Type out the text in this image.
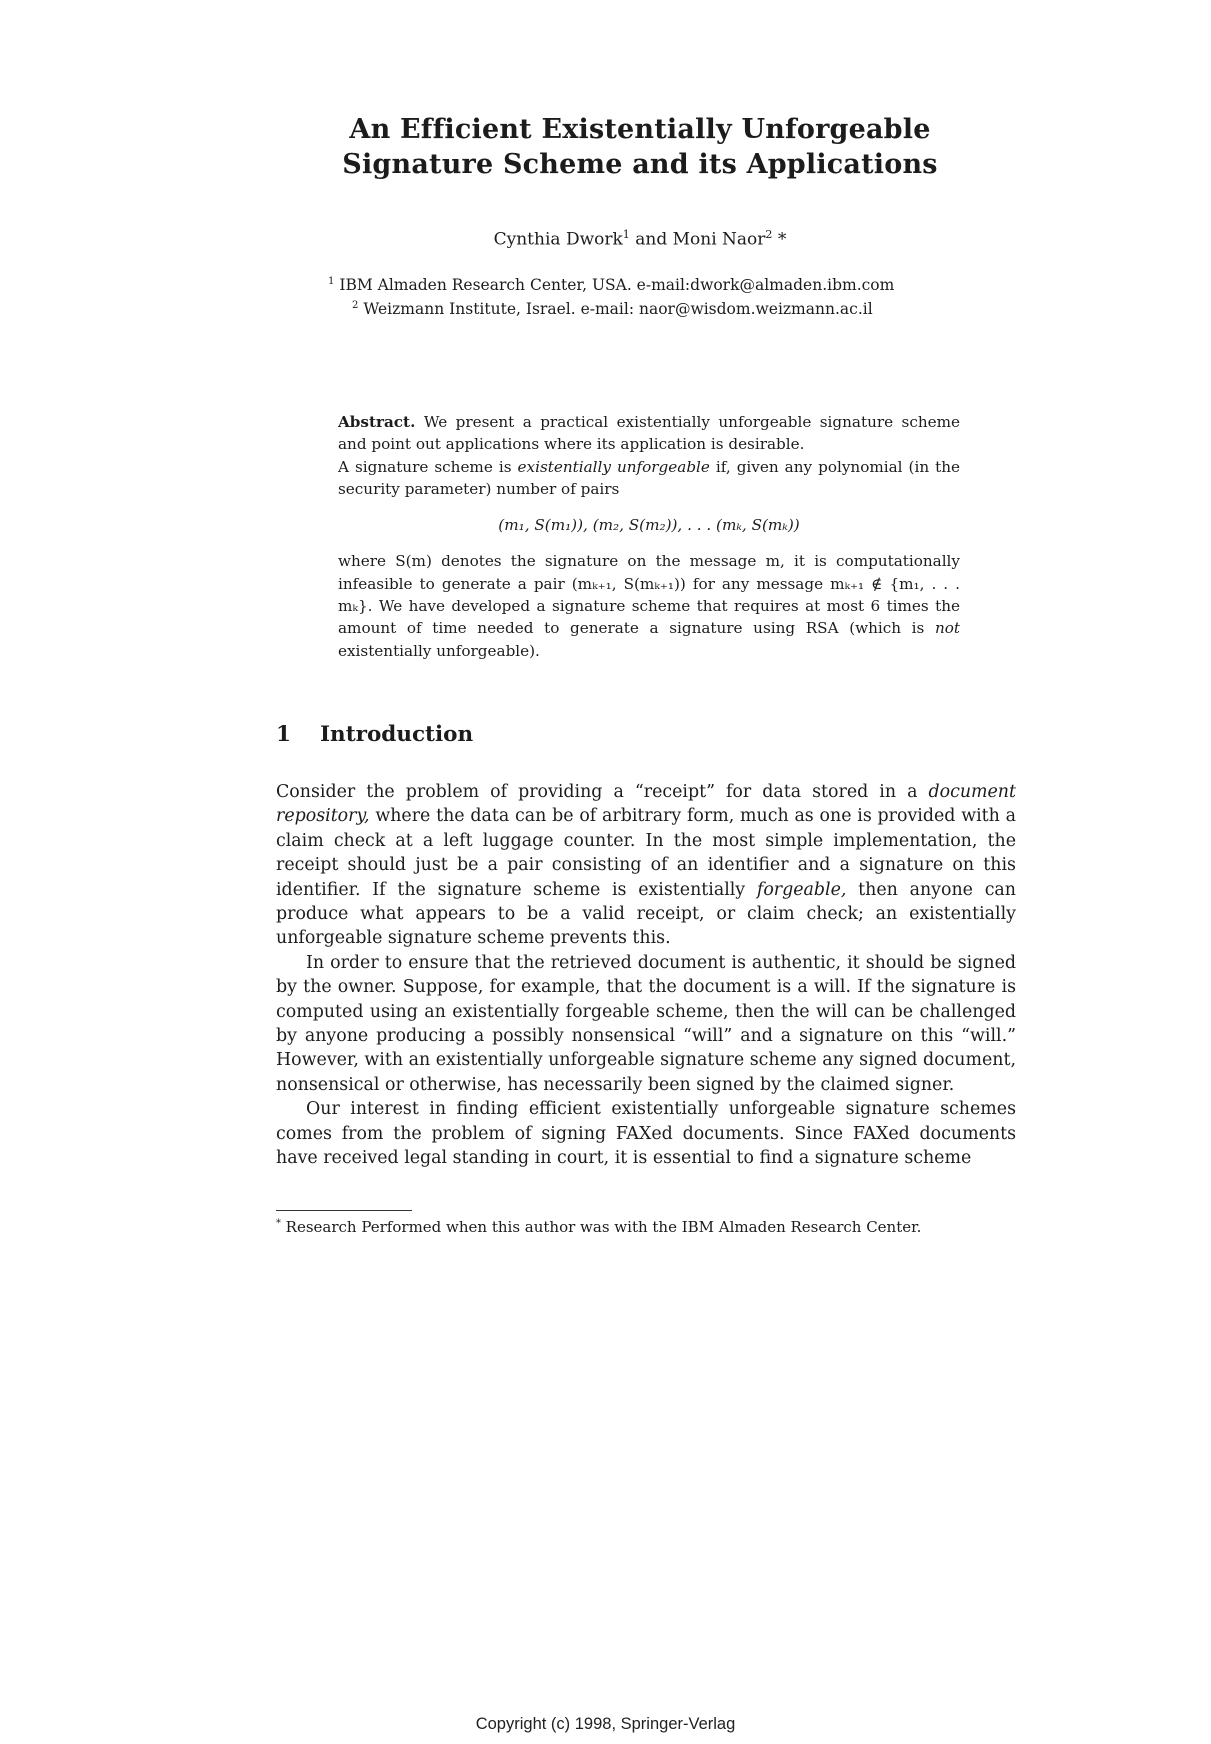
An Efficient Existentially Unforgeable
Signature Scheme and its Applications
Cynthia Dwork$^1$ and Moni Naor$^2$ *
$^1$ IBM Almaden Research Center, USA. e-mail:dwork@almaden.ibm.com
$^2$ Weizmann Institute, Israel. e-mail: naor@wisdom.weizmann.ac.il

Abstract. We present a practical existentially unforgeable signature scheme and point out applications where its application is desirable.

A signature scheme is existentially unforgeable if, given any polynomial (in the security parameter) number of pairs

(m₁, S(m₁)), (m₂, S(m₂)), . . . (mₖ, S(mₖ))

where S(m) denotes the signature on the message m, it is computationally infeasible to generate a pair (mₖ₊₁, S(mₖ₊₁)) for any message mₖ₊₁ ∉ {m₁, . . . mₖ}. We have developed a signature scheme that requires at most 6 times the amount of time needed to generate a signature using RSA (which is not existentially unforgeable).

1 Introduction

Consider the problem of providing a “receipt” for data stored in a document repository, where the data can be of arbitrary form, much as one is provided with a claim check at a left luggage counter. In the most simple implementation, the receipt should just be a pair consisting of an identifier and a signature on this identifier. If the signature scheme is existentially forgeable, then anyone can produce what appears to be a valid receipt, or claim check; an existentially unforgeable signature scheme prevents this.

In order to ensure that the retrieved document is authentic, it should be signed by the owner. Suppose, for example, that the document is a will. If the signature is computed using an existentially forgeable scheme, then the will can be challenged by anyone producing a possibly nonsensical “will” and a signature on this “will.” However, with an existentially unforgeable signature scheme any signed document, nonsensical or otherwise, has necessarily been signed by the claimed signer.

Our interest in finding efficient existentially unforgeable signature schemes comes from the problem of signing FAXed documents. Since FAXed documents have received legal standing in court, it is essential to find a signature scheme

* Research Performed when this author was with the IBM Almaden Research Center.
Copyright (c) 1998, Springer-Verlag
